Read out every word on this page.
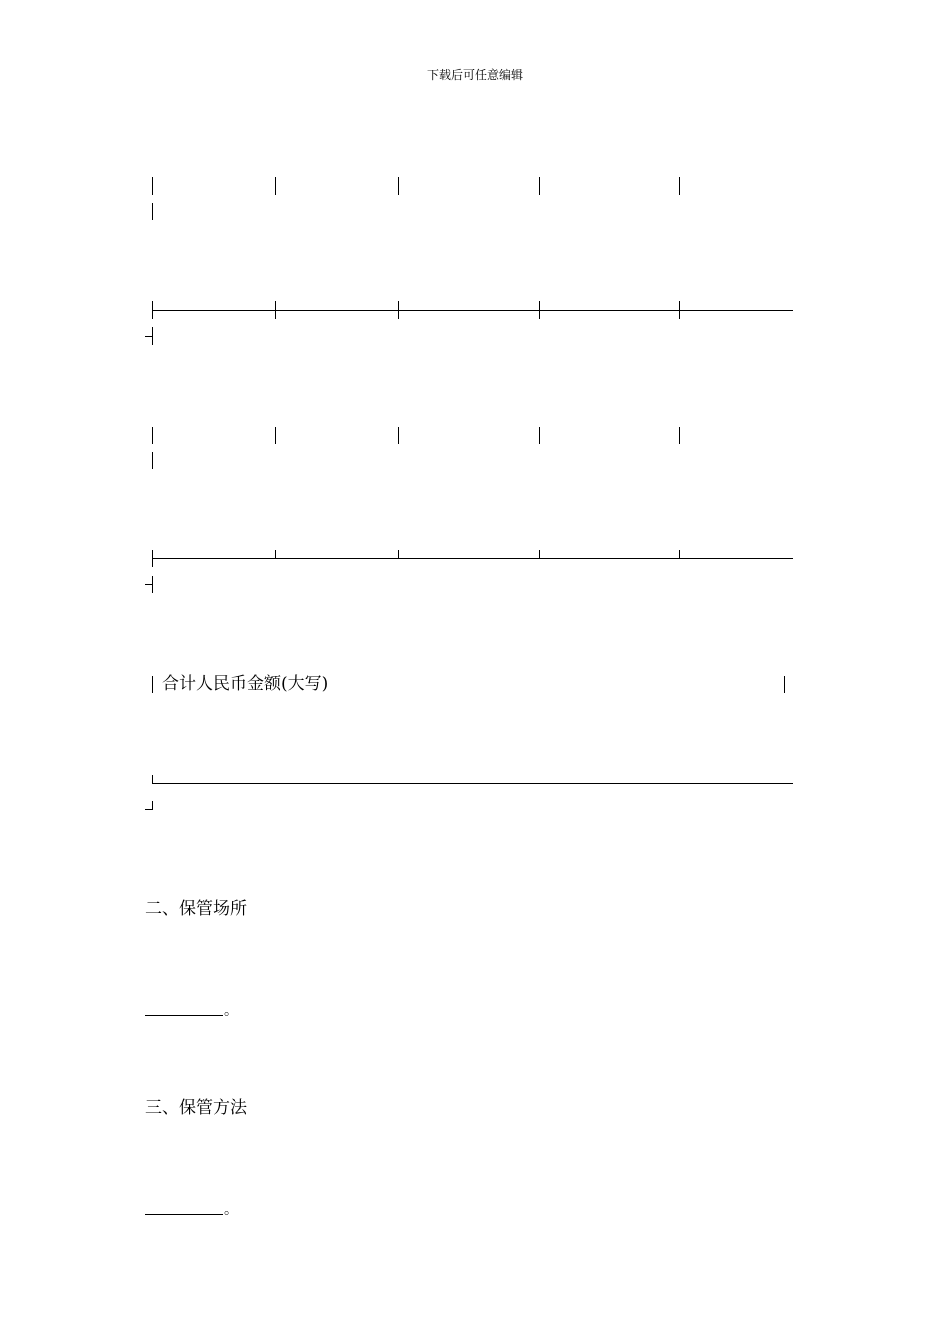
下载后可任意编辑
合计人民币金额(大写)
二、保管场所
。
三、保管方法
。
